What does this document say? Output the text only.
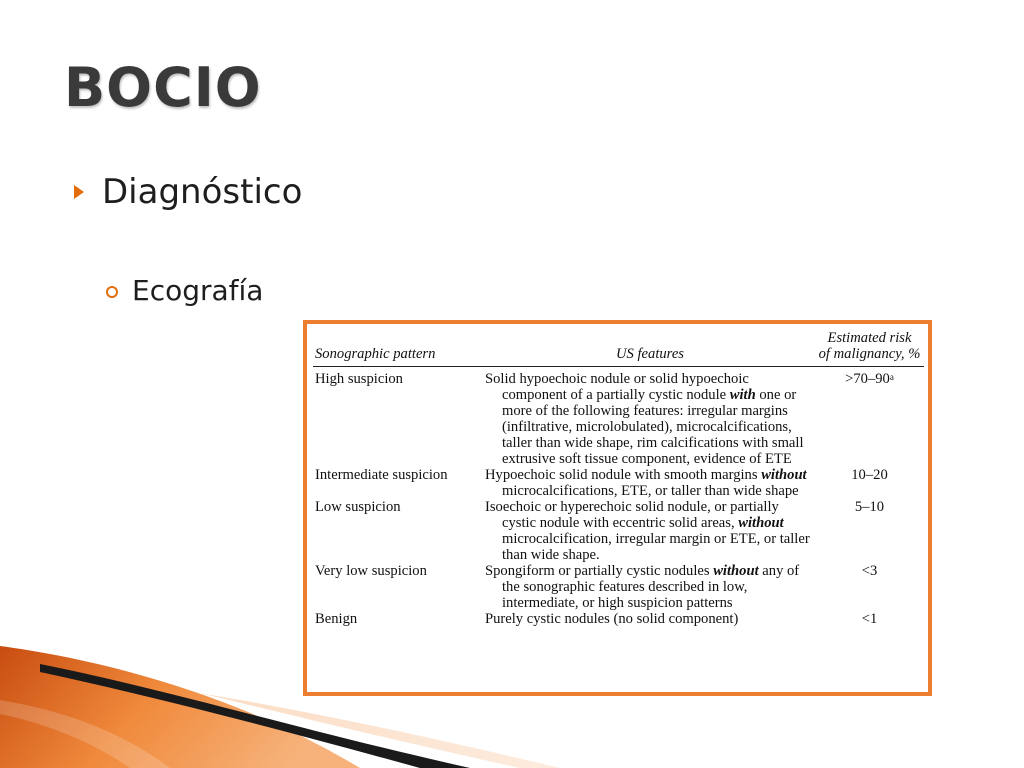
BOCIO
Diagnóstico
Ecografía
Sonographic pattern	US features	Estimated risk
of malignancy, %

High suspicion	Solid hypoechoic nodule or solid hypoechoic component of a partially cystic nodule with one or more of the following features: irregular margins (infiltrative, microlobulated), microcalcifications, taller than wide shape, rim calcifications with small extrusive soft tissue component, evidence of ETE	$>70-90^a$
Intermediate suspicion	Hypoechoic solid nodule with smooth margins without microcalcifications, ETE, or taller than wide shape	10–20
Low suspicion	Isoechoic or hyperechoic solid nodule, or partially cystic nodule with eccentric solid areas, without microcalcification, irregular margin or ETE, or taller than wide shape.	5–10
Very low suspicion	Spongiform or partially cystic nodules without any of the sonographic features described in low, intermediate, or high suspicion patterns	<3
Benign	Purely cystic nodules (no solid component)	<1
